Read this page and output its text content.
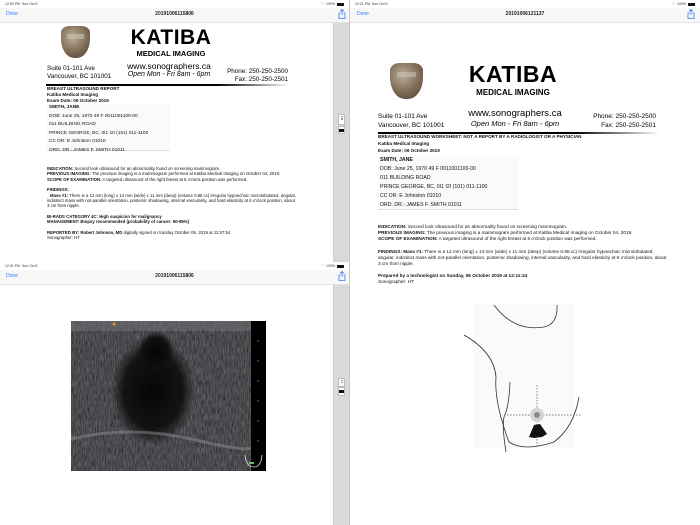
12:00 PM Sun Oct 6	◠ 100%
Done	20191006115806
KATIBA
MEDICAL IMAGING
Suite 01-101 Ave
Vancouver, BC 101001
www.sonographers.ca
Open Mon - Fri 8am - 6pm	Phone: 250-250-2500
Fax: 250-250-2501
BREAST ULTRASOUND REPORT
Katiba Medical Imaging
Exam Date: 06 October 2019
SMITH, JANE
DOB: June 25, 1970 49 F 0011001100-00
011 BUILDING ROAD
PRINCE GEORGE, BC, 0I1 I2I (101) 011-1100
CC DR: E Johnston 01010
ORD. DR.: JAMES F. SMITH 01011
INDICATION: Second look ultrasound for an abnormality found on screening mammogram.
PREVIOUS IMAGING: The previous imaging is a mammogram performed at Katiba Medical Imaging on October 04, 2019.
SCOPE OF EXAMINATION: A targeted ultrasound of the right breast at 6 o'clock position was performed.
FINDINGS:
Mass #1: There is a 12 mm (long) x 14 mm (wide) x 11 mm (deep) (volume 0.88 cc) irregular hypoechoic microlobulated, angular, indistinct mass with not-parallel orientation, posterior shadowing, internal vascularity, and hard elasticity at 6 o'clock position, about 3 cm from nipple.
BI-RADS CATEGORY 4C: High suspicion for malignancy
MANAGEMENT: Biopsy recommended (probability of cancer: 50-95%)
REPORTED BY: Robert Johnson, MD digitally signed on Sunday October 06, 2019 at 11:57:54
Sonographer: HT
12:01 PM Sun Oct 6	◠ 100%
Done	20191006115806
12:21 PM Sun Oct 6	◠ 100%
Done	20191006121137
KATIBA
MEDICAL IMAGING
Suite 01-101 Ave
Vancouver, BC 101001
www.sonographers.ca
Open Mon - Fri 8am - 6pm
Phone: 250-250-2500
Fax: 250-250-2501
BREAST ULTRASOUND WORKSHEET: NOT A REPORT BY A RADIOLOGIST OR A PHYSICIAN
Katiba Medical Imaging
Exam Date: 06 October 2019
SMITH, JANE
DOB: June 25, 1970 49 F 0011001100-00
011 BUILDING ROAD
PRINCE GEORGE, BC, 0I1 I2I (101) 011-1100
CC DR: E Johnston 01010
ORD. DR.: JAMES F. SMITH 01011
INDICATION: Second look ultrasound for an abnormality found on screening mammogram.
PREVIOUS IMAGING: The previous imaging is a mammogram performed at Katiba Medical Imaging on October 04, 2019.
SCOPE OF EXAMINATION: A targeted ultrasound of the right breast at 6 o'clock position was performed.
FINDINGS: Mass #1: There is a 12 mm (long) x 14 mm (wide) x 11 mm (deep) (volume 0.88 cc) irregular hypoechoic microlobulated, angular, indistinct mass with not-parallel orientation, posterior shadowing, internal vascularity, and hard elasticity at 6 o'clock position, about 3 cm from nipple.
Prepared by a technologist on Sunday, 06 October 2019 at 12:11:24
Sonographer: HT
